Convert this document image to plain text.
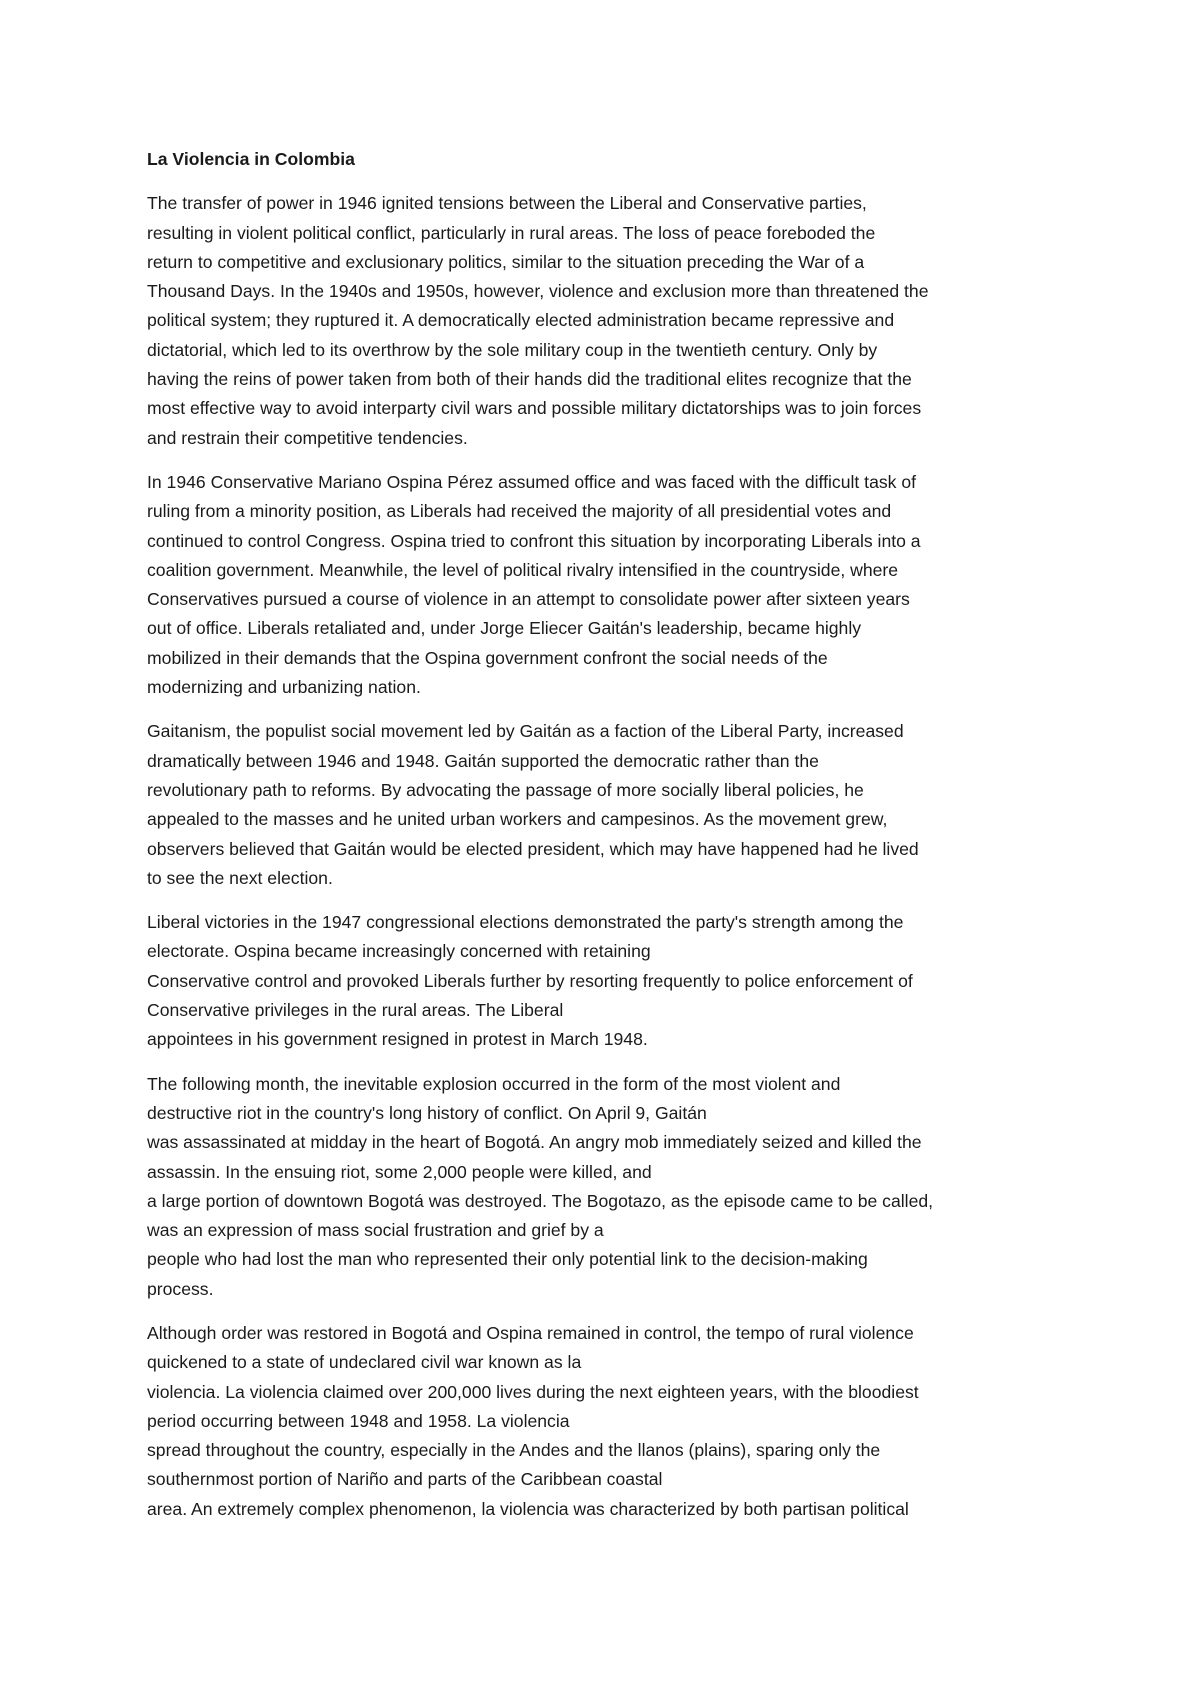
La Violencia in Colombia
The transfer of power in 1946 ignited tensions between the Liberal and Conservative parties,
resulting in violent political conflict, particularly in rural areas. The loss of peace foreboded the
return to competitive and exclusionary politics, similar to the situation preceding the War of a
Thousand Days. In the 1940s and 1950s, however, violence and exclusion more than threatened the
political system; they ruptured it. A democratically elected administration became repressive and
dictatorial, which led to its overthrow by the sole military coup in the twentieth century. Only by
having the reins of power taken from both of their hands did the traditional elites recognize that the
most effective way to avoid interparty civil wars and possible military dictatorships was to join forces
and restrain their competitive tendencies.
In 1946 Conservative Mariano Ospina Pérez assumed office and was faced with the difficult task of
ruling from a minority position, as Liberals had received the majority of all presidential votes and
continued to control Congress. Ospina tried to confront this situation by incorporating Liberals into a
coalition government. Meanwhile, the level of political rivalry intensified in the countryside, where
Conservatives pursued a course of violence in an attempt to consolidate power after sixteen years
out of office. Liberals retaliated and, under Jorge Eliecer Gaitán's leadership, became highly
mobilized in their demands that the Ospina government confront the social needs of the
modernizing and urbanizing nation.
Gaitanism, the populist social movement led by Gaitán as a faction of the Liberal Party, increased
dramatically between 1946 and 1948. Gaitán supported the democratic rather than the
revolutionary path to reforms. By advocating the passage of more socially liberal policies, he
appealed to the masses and he united urban workers and campesinos. As the movement grew,
observers believed that Gaitán would be elected president, which may have happened had he lived
to see the next election.
Liberal victories in the 1947 congressional elections demonstrated the party's strength among the
electorate. Ospina became increasingly concerned with retaining
Conservative control and provoked Liberals further by resorting frequently to police enforcement of
Conservative privileges in the rural areas. The Liberal
appointees in his government resigned in protest in March 1948.
The following month, the inevitable explosion occurred in the form of the most violent and
destructive riot in the country's long history of conflict. On April 9, Gaitán
was assassinated at midday in the heart of Bogotá. An angry mob immediately seized and killed the
assassin. In the ensuing riot, some 2,000 people were killed, and
a large portion of downtown Bogotá was destroyed. The Bogotazo, as the episode came to be called,
was an expression of mass social frustration and grief by a
people who had lost the man who represented their only potential link to the decision-making
process.
Although order was restored in Bogotá and Ospina remained in control, the tempo of rural violence
quickened to a state of undeclared civil war known as la
violencia. La violencia claimed over 200,000 lives during the next eighteen years, with the bloodiest
period occurring between 1948 and 1958. La violencia
spread throughout the country, especially in the Andes and the llanos (plains), sparing only the
southernmost portion of Nariño and parts of the Caribbean coastal
area. An extremely complex phenomenon, la violencia was characterized by both partisan political
